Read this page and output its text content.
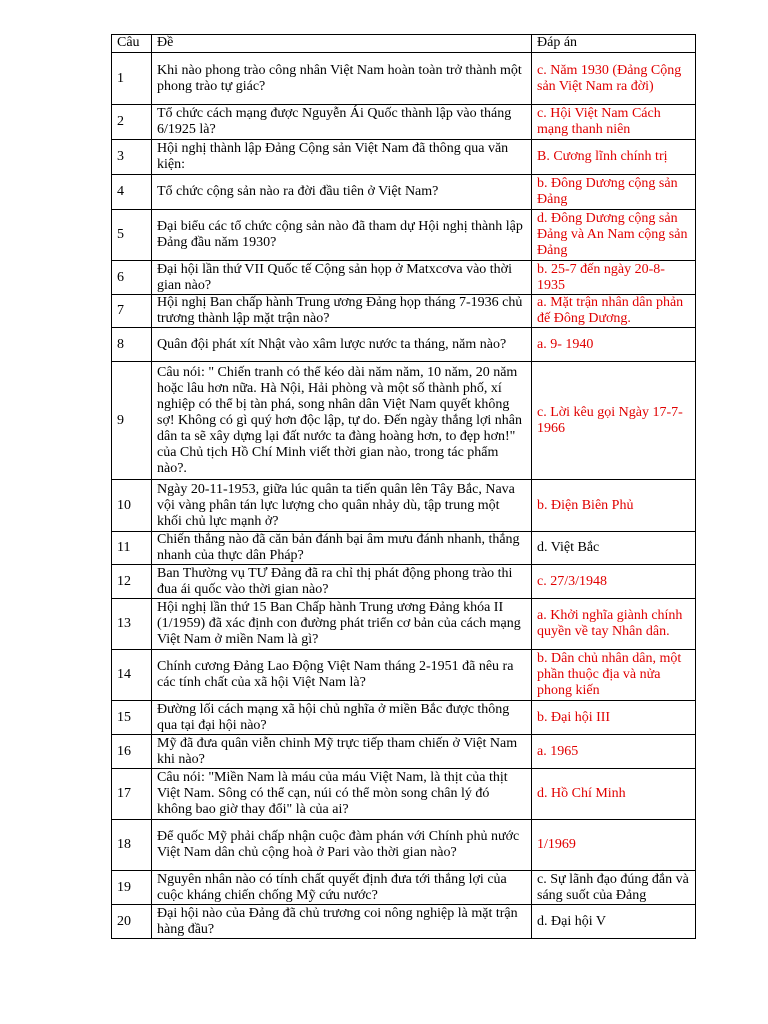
Câu	Đề	Đáp án
1	Khi nào phong trào công nhân Việt Nam hoàn toàn trở thành một phong trào tự giác?	c. Năm 1930 (Đảng Cộng sản Việt Nam ra đời)
2	Tổ chức cách mạng được Nguyễn Ái Quốc thành lập vào tháng 6/1925 là?	c. Hội Việt Nam Cách mạng thanh niên
3	Hội nghị thành lập Đảng Cộng sản Việt Nam đã thông qua văn kiện:	B. Cương lĩnh chính trị
4	Tổ chức cộng sản nào ra đời đầu tiên ở Việt Nam?	b. Đông Dương cộng sản Đảng
5	Đại biểu các tổ chức cộng sản nào đã tham dự Hội nghị thành lập Đảng đầu năm 1930?	d. Đông Dương cộng sản Đảng và An Nam cộng sản Đảng
6	Đại hội lần thứ VII Quốc tế Cộng sản họp ở Matxcơva vào thời gian nào?	b. 25-7 đến ngày 20-8-1935
7	Hội nghị Ban chấp hành Trung ương Đảng họp tháng 7-1936 chủ trương thành lập mặt trận nào?	a. Mặt trận nhân dân phản đế Đông Dương.
8	Quân đội phát xít Nhật vào xâm lược nước ta tháng, năm nào?	a. 9- 1940
9	Câu nói: " Chiến tranh có thể kéo dài năm năm, 10 năm, 20 năm hoặc lâu hơn nữa. Hà Nội, Hải phòng và một số thành phố, xí nghiệp có thể bị tàn phá, song nhân dân Việt Nam quyết không sợ! Không có gì quý hơn độc lập, tự do. Đến ngày thắng lợi nhân dân ta sẽ xây dựng lại đất nước ta đàng hoàng hơn, to đẹp hơn!" của Chủ tịch Hồ Chí Minh viết thời gian nào, trong tác phẩm nào?.	c. Lời kêu gọi Ngày 17-7- 1966
10	Ngày 20-11-1953, giữa lúc quân ta tiến quân lên Tây Bắc, Nava vội vàng phân tán lực lượng cho quân nhảy dù, tập trung một khối chủ lực mạnh ở?	b. Điện Biên Phủ
11	Chiến thắng nào đã căn bản đánh bại âm mưu đánh nhanh, thắng nhanh của thực dân Pháp?	d. Việt Bắc
12	Ban Thường vụ TƯ Đảng đã ra chỉ thị phát động phong trào thi đua ái quốc vào thời gian nào?	c. 27/3/1948
13	Hội nghị lần thứ 15 Ban Chấp hành Trung ương Đảng khóa II (1/1959) đã xác định con đường phát triển cơ bản của cách mạng Việt Nam ở miền Nam là gì?	a. Khởi nghĩa giành chính quyền về tay Nhân dân.
14	Chính cương Đảng Lao Động Việt Nam tháng 2-1951 đã nêu ra các tính chất của xã hội Việt Nam là?	b. Dân chủ nhân dân, một phần thuộc địa và nửa phong kiến
15	Đường lối cách mạng xã hội chủ nghĩa ở miền Bắc được thông qua tại đại hội nào?	b. Đại hội III
16	Mỹ đã đưa quân viễn chinh Mỹ trực tiếp tham chiến ở Việt Nam khi nào?	a. 1965
17	Câu nói: "Miền Nam là máu của máu Việt Nam, là thịt của thịt Việt Nam. Sông có thể cạn, núi có thể mòn song chân lý đó không bao giờ thay đổi" là của ai?	d. Hồ Chí Minh
18	Để quốc Mỹ phải chấp nhận cuộc đàm phán với Chính phủ nước Việt Nam dân chủ cộng hoà ở Pari vào thời gian nào?	1/1969
19	Nguyên nhân nào có tính chất quyết định đưa tới thắng lợi của cuộc kháng chiến chống Mỹ cứu nước?	c. Sự lãnh đạo đúng đắn và sáng suốt của Đảng
20	Đại hội nào của Đảng đã chủ trương coi nông nghiệp là mặt trận hàng đầu?	d. Đại hội V
